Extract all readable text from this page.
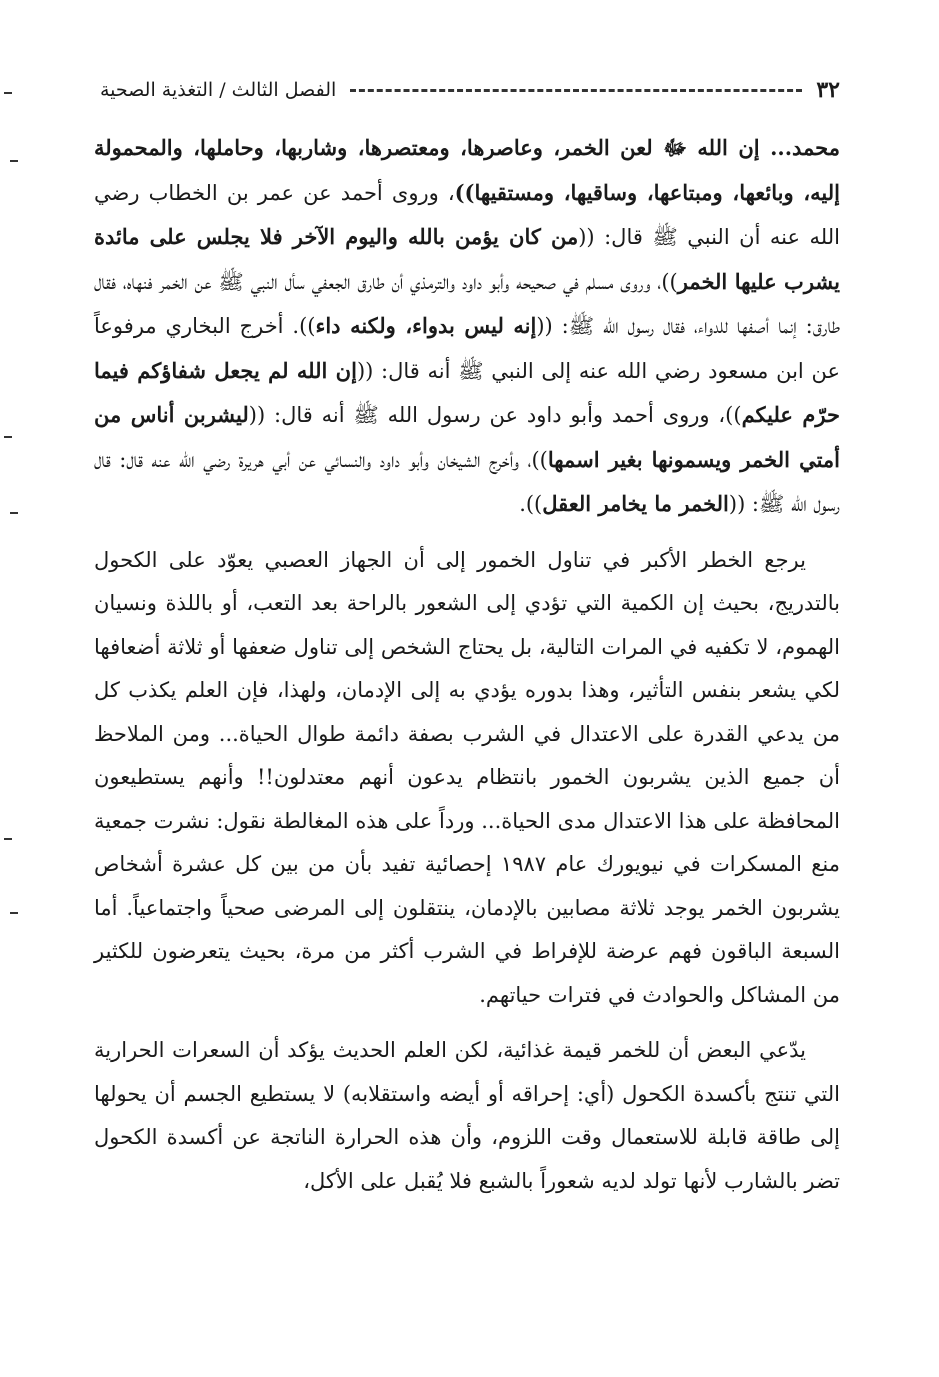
٣٢
الفصل الثالث / التغذية الصحية

محمد... إن الله ﷻ لعن الخمر، وعاصرها، ومعتصرها، وشاربها، وحاملها، والمحمولة إليه، وبائعها، ومبتاعها، وساقيها، ومستقيها))، وروى أحمد عن عمر بن الخطاب رضي الله عنه أن النبي ﷺ قال: ((من كان يؤمن بالله واليوم الآخر فلا يجلس على مائدة يشرب عليها الخمر))، وروى مسلم في صحيحه وأبو داود والترمذي أن طارق الجعفي سأل النبي ﷺ عن الخمر فنهاه، فقال طارق: إنما أصفها للدواء، فقال رسول الله ﷺ: ((إنه ليس بدواء، ولكنه داء)). أخرج البخاري مرفوعاً عن ابن مسعود رضي الله عنه إلى النبي ﷺ أنه قال: ((إن الله لم يجعل شفاؤكم فيما حرّم عليكم))، وروى أحمد وأبو داود عن رسول الله ﷺ أنه قال: ((ليشربن أناس من أمتي الخمر ويسمونها بغير اسمها))، وأخرج الشيخان وأبو داود والنسائي عن أبي هريرة رضي الله عنه قال: قال رسول الله ﷺ: ((الخمر ما يخامر العقل)).

يرجع الخطر الأكبر في تناول الخمور إلى أن الجهاز العصبي يعوّد على الكحول بالتدريج، بحيث إن الكمية التي تؤدي إلى الشعور بالراحة بعد التعب، أو باللذة ونسيان الهموم، لا تكفيه في المرات التالية، بل يحتاج الشخص إلى تناول ضعفها أو ثلاثة أضعافها لكي يشعر بنفس التأثير، وهذا بدوره يؤدي به إلى الإدمان، ولهذا، فإن العلم يكذب كل من يدعي القدرة على الاعتدال في الشرب بصفة دائمة طوال الحياة... ومن الملاحظ أن جميع الذين يشربون الخمور بانتظام يدعون أنهم معتدلون!! وأنهم يستطيعون المحافظة على هذا الاعتدال مدى الحياة... ورداً على هذه المغالطة نقول: نشرت جمعية منع المسكرات في نيويورك عام ١٩٨٧ إحصائية تفيد بأن من بين كل عشرة أشخاص يشربون الخمر يوجد ثلاثة مصابين بالإدمان، ينتقلون إلى المرضى صحياً واجتماعياً. أما السبعة الباقون فهم عرضة للإفراط في الشرب أكثر من مرة، بحيث يتعرضون للكثير من المشاكل والحوادث في فترات حياتهم.

يدّعي البعض أن للخمر قيمة غذائية، لكن العلم الحديث يؤكد أن السعرات الحرارية التي تنتج بأكسدة الكحول (أي: إحراقه أو أيضه واستقلابه) لا يستطيع الجسم أن يحولها إلى طاقة قابلة للاستعمال وقت اللزوم، وأن هذه الحرارة الناتجة عن أكسدة الكحول تضر بالشارب لأنها تولد لديه شعوراً بالشبع فلا يُقبل على الأكل،
